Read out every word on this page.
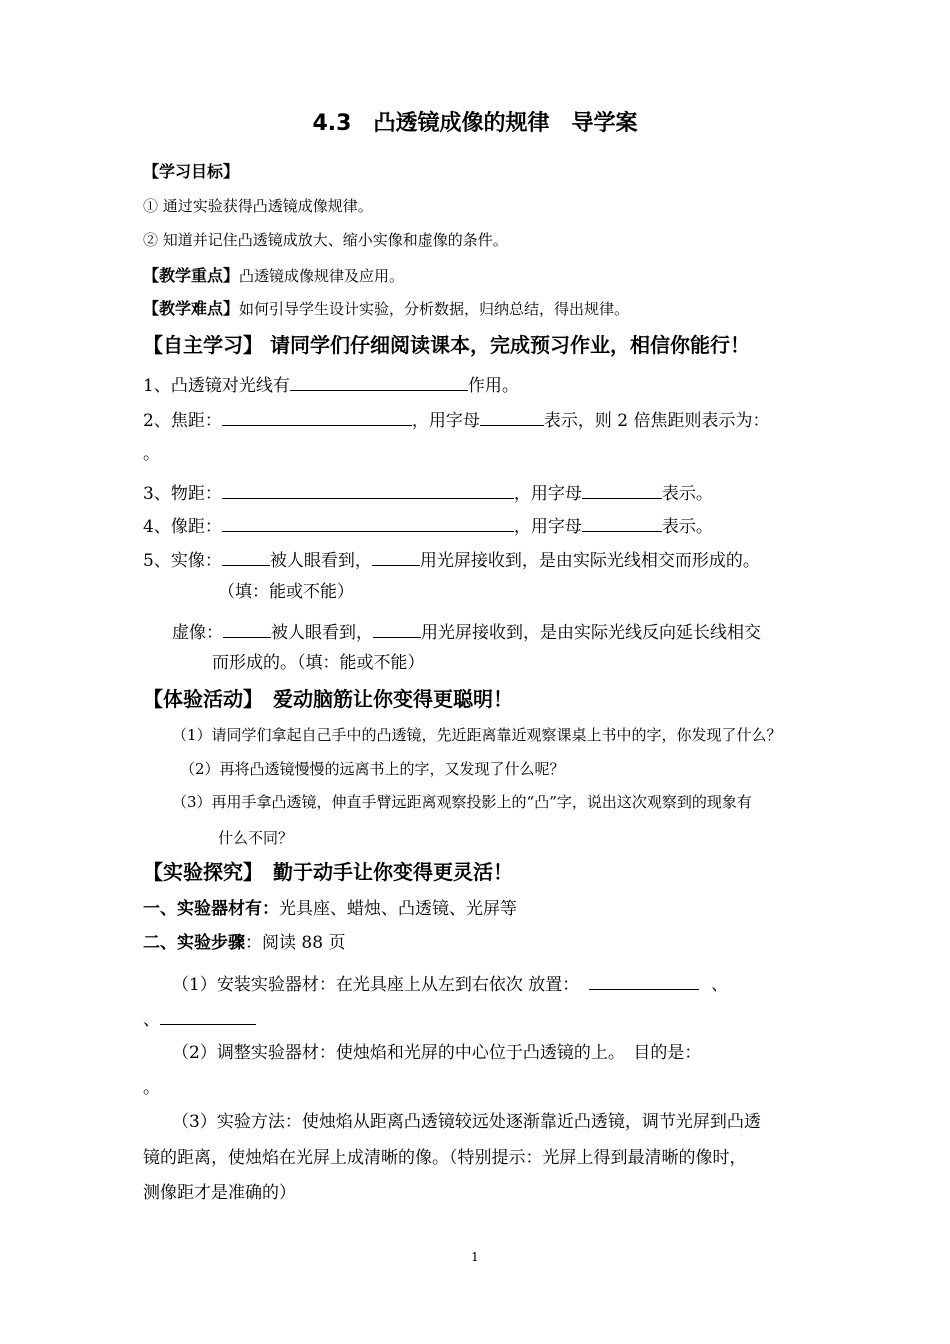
4.3　凸透镜成像的规律　导学案
【学习目标】
① 通过实验获得凸透镜成像规律。
② 知道并记住凸透镜成放大、缩小实像和虚像的条件。
【教学重点】凸透镜成像规律及应用。
【教学难点】如何引导学生设计实验，分析数据，归纳总结，得出规律。
【自主学习】 请同学们仔细阅读课本，完成预习作业，相信你能行！
1、凸透镜对光线有	作用。
2、焦距：	，用字母	表示，则 2 倍焦距则表示为：
。
3、物距：	，用字母	表示。
4、像距：	，用字母	表示。
5、实像：	被人眼看到，	用光屏接收到，是由实际光线相交而形成的。
（填：能或不能）
虚像：	被人眼看到，	用光屏接收到，是由实际光线反向延长线相交
而形成的。（填：能或不能）
【体验活动】　爱动脑筋让你变得更聪明！
（1）请同学们拿起自己手中的凸透镜，先近距离靠近观察课桌上书中的字，你发现了什么？
（2）再将凸透镜慢慢的远离书上的字，又发现了什么呢？
（3）再用手拿凸透镜，伸直手臂远距离观察投影上的“凸”字，说出这次观察到的现象有
什么不同？
【实验探究】　勤于动手让你变得更灵活！
一、实验器材有：光具座、蜡烛、凸透镜、光屏等
二、实验步骤：阅读 88 页
（1）安装实验器材：在光具座上从左到右依次 放置：	、
、
（2）调整实验器材：使烛焰和光屏的中心位于凸透镜的上。　目的是：
。
（3）实验方法：使烛焰从距离凸透镜较远处逐渐靠近凸透镜，调节光屏到凸透
镜的距离，使烛焰在光屏上成清晰的像。（特别提示：光屏上得到最清晰的像时，
测像距才是准确的）
1
